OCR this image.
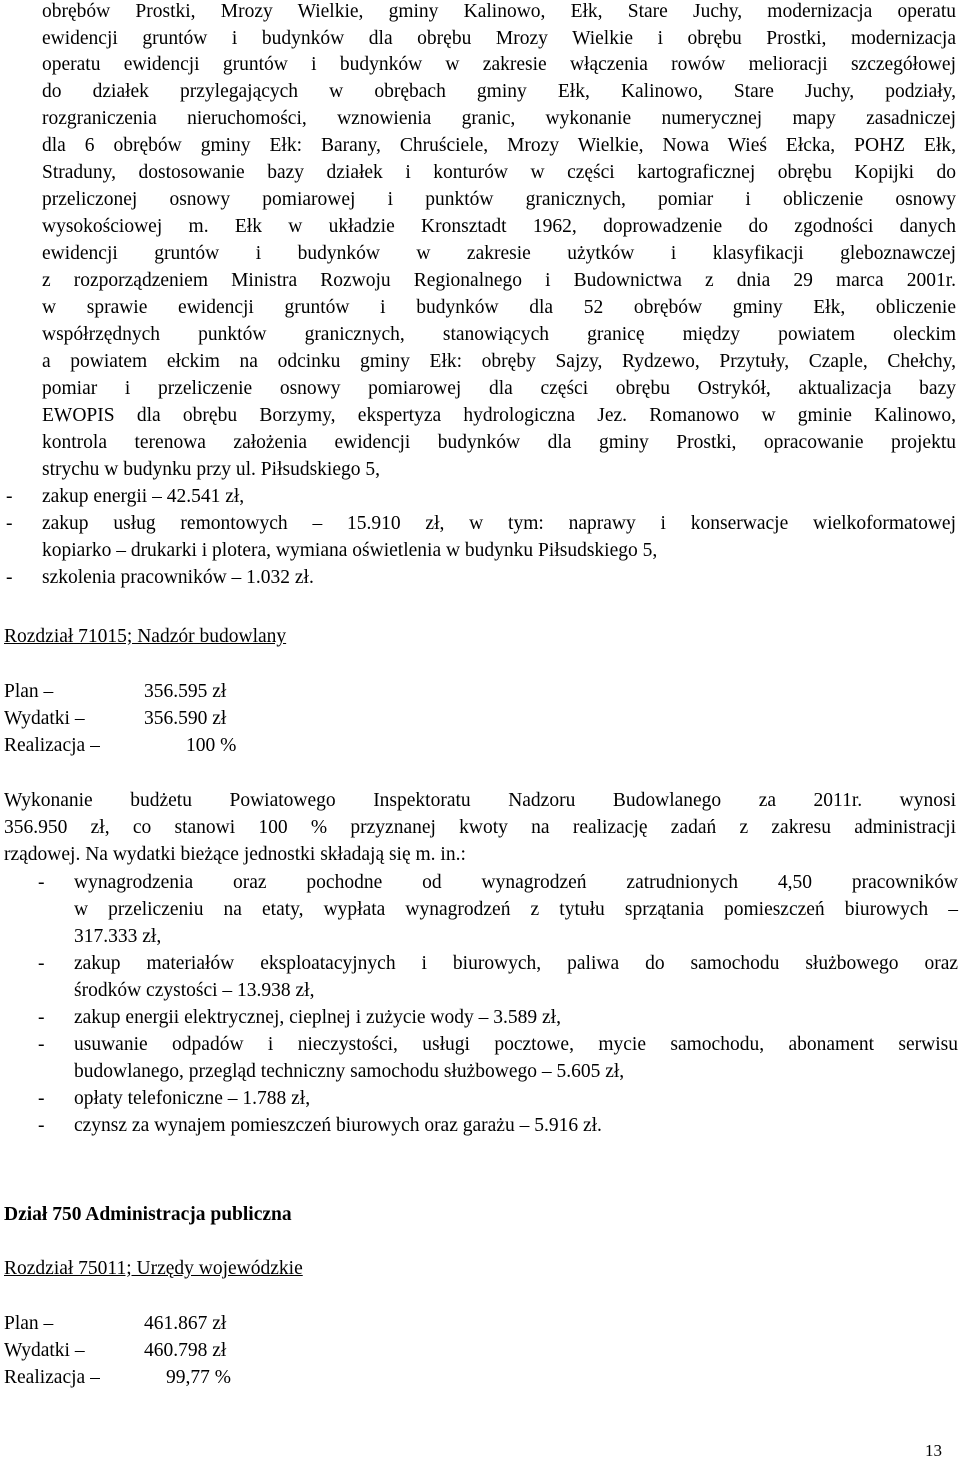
obrębów Prostki, Mrozy Wielkie, gminy Kalinowo, Ełk, Stare Juchy, modernizacja operatu
ewidencji gruntów i budynków dla obrębu Mrozy Wielkie i obrębu Prostki, modernizacja
operatu ewidencji gruntów i budynków w zakresie włączenia rowów melioracji szczegółowej
do działek przylegających w obrębach gminy Ełk, Kalinowo, Stare Juchy, podziały,
rozgraniczenia nieruchomości, wznowienia granic, wykonanie numerycznej mapy zasadniczej
dla 6 obrębów gminy Ełk: Barany, Chruściele, Mrozy Wielkie, Nowa Wieś Ełcka, POHZ Ełk,
Straduny, dostosowanie bazy działek i konturów w części kartograficznej obrębu Kopijki do
przeliczonej osnowy pomiarowej i punktów granicznych, pomiar i obliczenie osnowy
wysokościowej m. Ełk w układzie Kronsztadt 1962, doprowadzenie do zgodności danych
ewidencji gruntów i budynków w zakresie użytków i klasyfikacji gleboznawczej
z rozporządzeniem Ministra Rozwoju Regionalnego i Budownictwa z dnia 29 marca 2001r.
w sprawie ewidencji gruntów i budynków dla 52 obrębów gminy Ełk, obliczenie
współrzędnych punktów granicznych, stanowiących granicę między powiatem oleckim
a powiatem ełckim na odcinku gminy Ełk: obręby Sajzy, Rydzewo, Przytuły, Czaple, Chełchy,
pomiar i przeliczenie osnowy pomiarowej dla części obrębu Ostrykół, aktualizacja bazy
EWOPIS dla obrębu Borzymy, ekspertyza hydrologiczna Jez. Romanowo w gminie Kalinowo,
kontrola terenowa założenia ewidencji budynków dla gminy Prostki, opracowanie projektu
strychu w budynku przy ul. Piłsudskiego 5,
- zakup energii – 42.541 zł,
- zakup usług remontowych – 15.910 zł, w tym: naprawy i konserwacje wielkoformatowej
kopiarko – drukarki i plotera, wymiana oświetlenia w budynku Piłsudskiego 5,
- szkolenia pracowników – 1.032 zł.
Rozdział 71015; Nadzór budowlany
Plan –	356.595 zł
Wydatki –	356.590 zł
Realizacja –	100 %
Wykonanie budżetu Powiatowego Inspektoratu Nadzoru Budowlanego za 2011r. wynosi
356.950 zł, co stanowi 100 % przyznanej kwoty na realizację zadań z zakresu administracji
rządowej. Na wydatki bieżące jednostki składają się m. in.:
- wynagrodzenia oraz pochodne od wynagrodzeń zatrudnionych 4,50 pracowników
w przeliczeniu na etaty, wypłata wynagrodzeń z tytułu sprzątania pomieszczeń biurowych –
317.333 zł,
- zakup materiałów eksploatacyjnych i biurowych, paliwa do samochodu służbowego oraz
środków czystości – 13.938 zł,
- zakup energii elektrycznej, cieplnej i zużycie wody – 3.589 zł,
- usuwanie odpadów i nieczystości, usługi pocztowe, mycie samochodu, abonament serwisu
budowlanego, przegląd techniczny samochodu służbowego – 5.605 zł,
- opłaty telefoniczne – 1.788 zł,
- czynsz za wynajem pomieszczeń biurowych oraz garażu – 5.916 zł.
Dział 750 Administracja publiczna
Rozdział 75011; Urzędy wojewódzkie
Plan –	461.867 zł
Wydatki –	460.798 zł
Realizacja –	99,77 %
13
